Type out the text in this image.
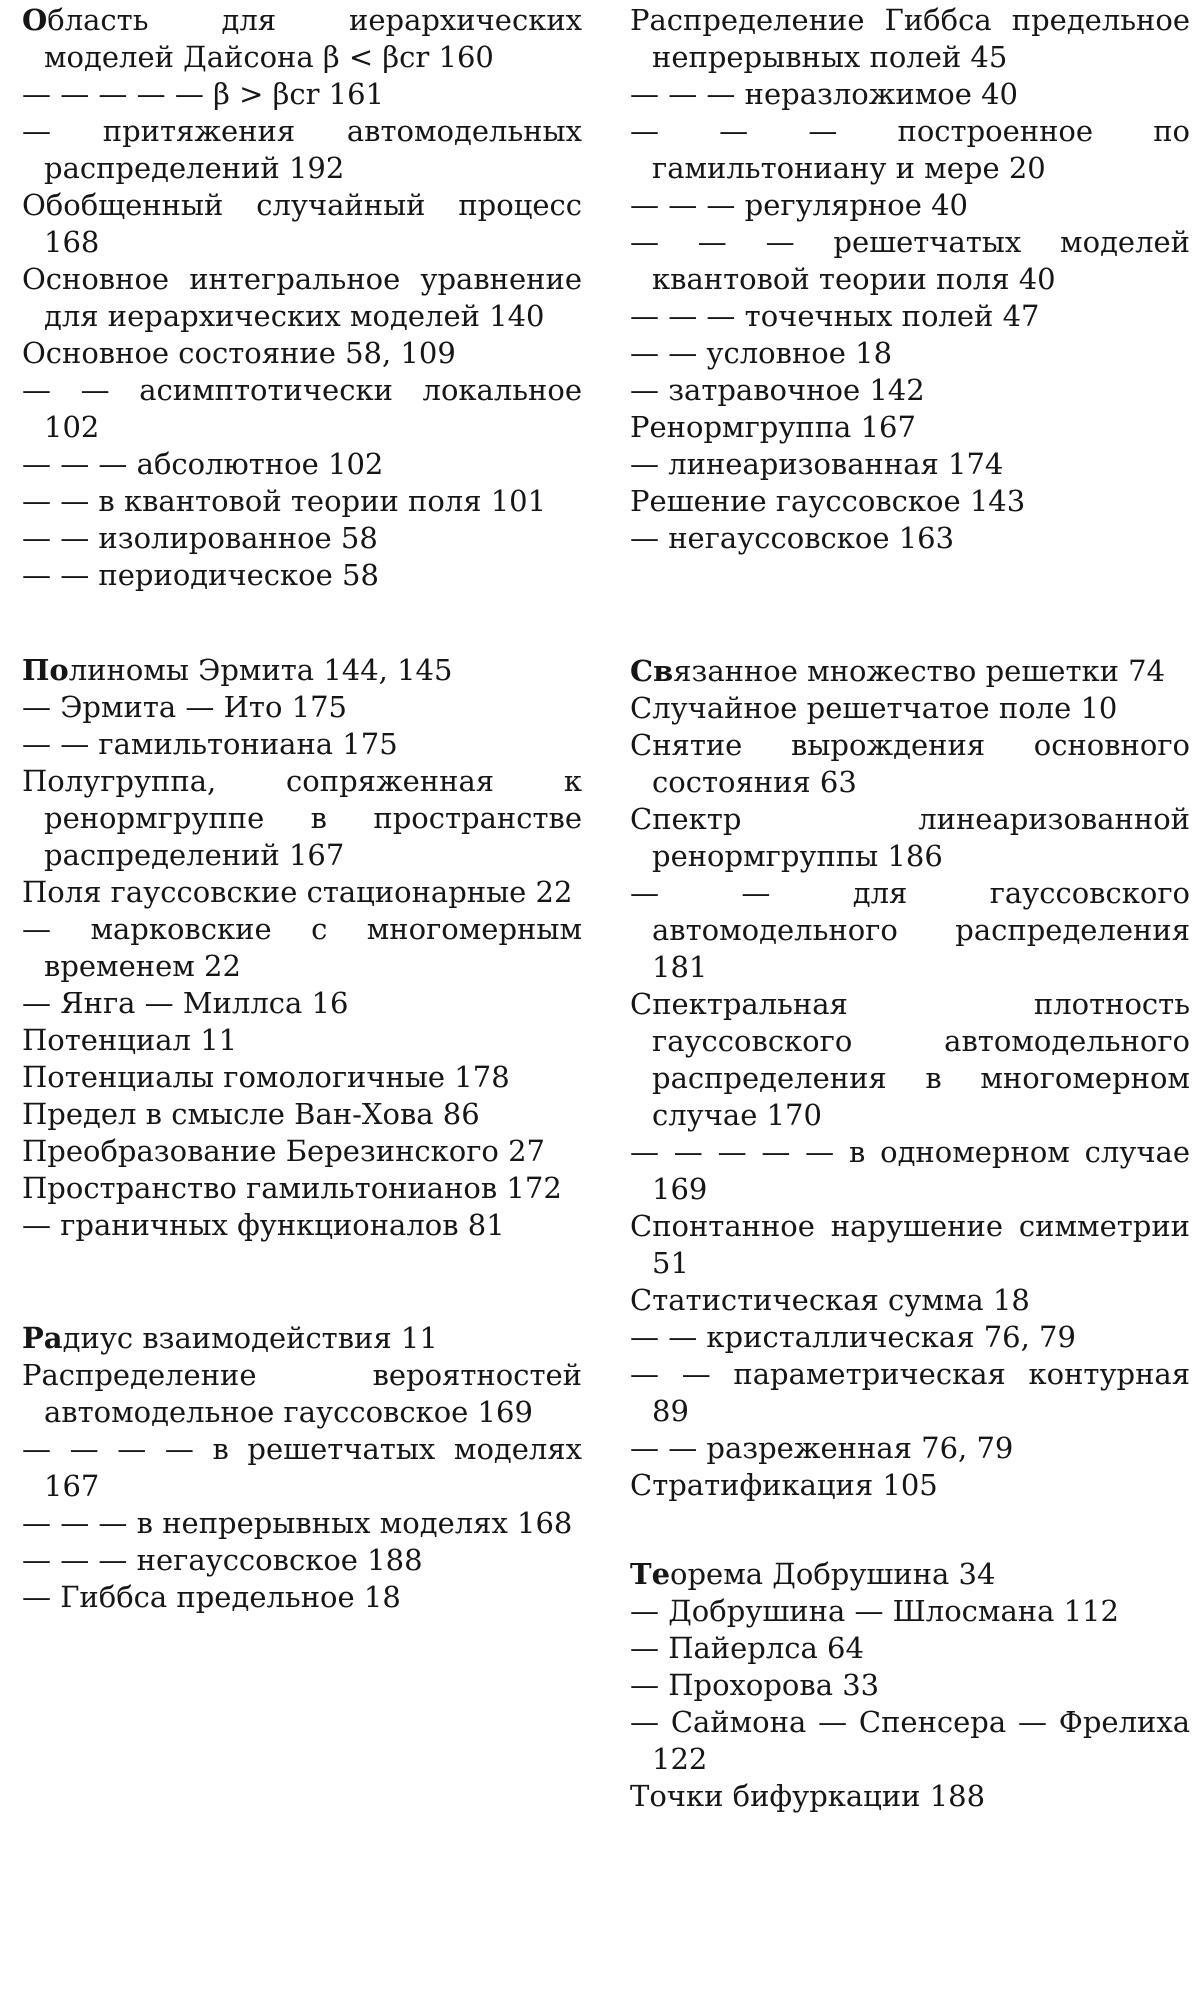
Область для иерархических моделей Дайсона β < βcr 160
— — — — — β > βcr 161
— притяжения автомодельных распределений 192
Обобщенный случайный процесс 168
Основное интегральное уравнение для иерархических моделей 140
Основное состояние 58, 109
— — асимптотически локальное 102
— — — абсолютное 102
— — в квантовой теории поля 101
— — изолированное 58
— — периодическое 58
Полиномы Эрмита 144, 145
— Эрмита — Ито 175
— — гамильтониана 175
Полугруппа, сопряженная к ренормгруппе в пространстве распределений 167
Поля гауссовские стационарные 22
— марковские с многомерным временем 22
— Янга — Миллса 16
Потенциал 11
Потенциалы гомологичные 178
Предел в смысле Ван-Хова 86
Преобразование Березинского 27
Пространство гамильтонианов 172
— граничных функционалов 81
Радиус взаимодействия 11
Распределение вероятностей автомодельное гауссовское 169
— — — — в решетчатых моделях 167
— — — в непрерывных моделях 168
— — — негауссовское 188
— Гиббса предельное 18
Распределение Гиббса предельное непрерывных полей 45
— — — неразложимое 40
— — — построенное по гамильтониану и мере 20
— — — регулярное 40
— — — решетчатых моделей квантовой теории поля 40
— — — точечных полей 47
— — условное 18
— затравочное 142
Ренормгруппа 167
— линеаризованная 174
Решение гауссовское 143
— негауссовское 163
Связанное множество решетки 74
Случайное решетчатое поле 10
Снятие вырождения основного состояния 63
Спектр линеаризованной ренормгруппы 186
— — для гауссовского автомодельного распределения 181
Спектральная плотность гауссовского автомодельного распределения в многомерном случае 170
— — — — — в одномерном случае 169
Спонтанное нарушение симметрии 51
Статистическая сумма 18
— — кристаллическая 76, 79
— — параметрическая контурная 89
— — разреженная 76, 79
Стратификация 105
Теорема Добрушина 34
— Добрушина — Шлосмана 112
— Пайерлса 64
— Прохорова 33
— Саймона — Спенсера — Фрелиха 122
Точки бифуркации 188
